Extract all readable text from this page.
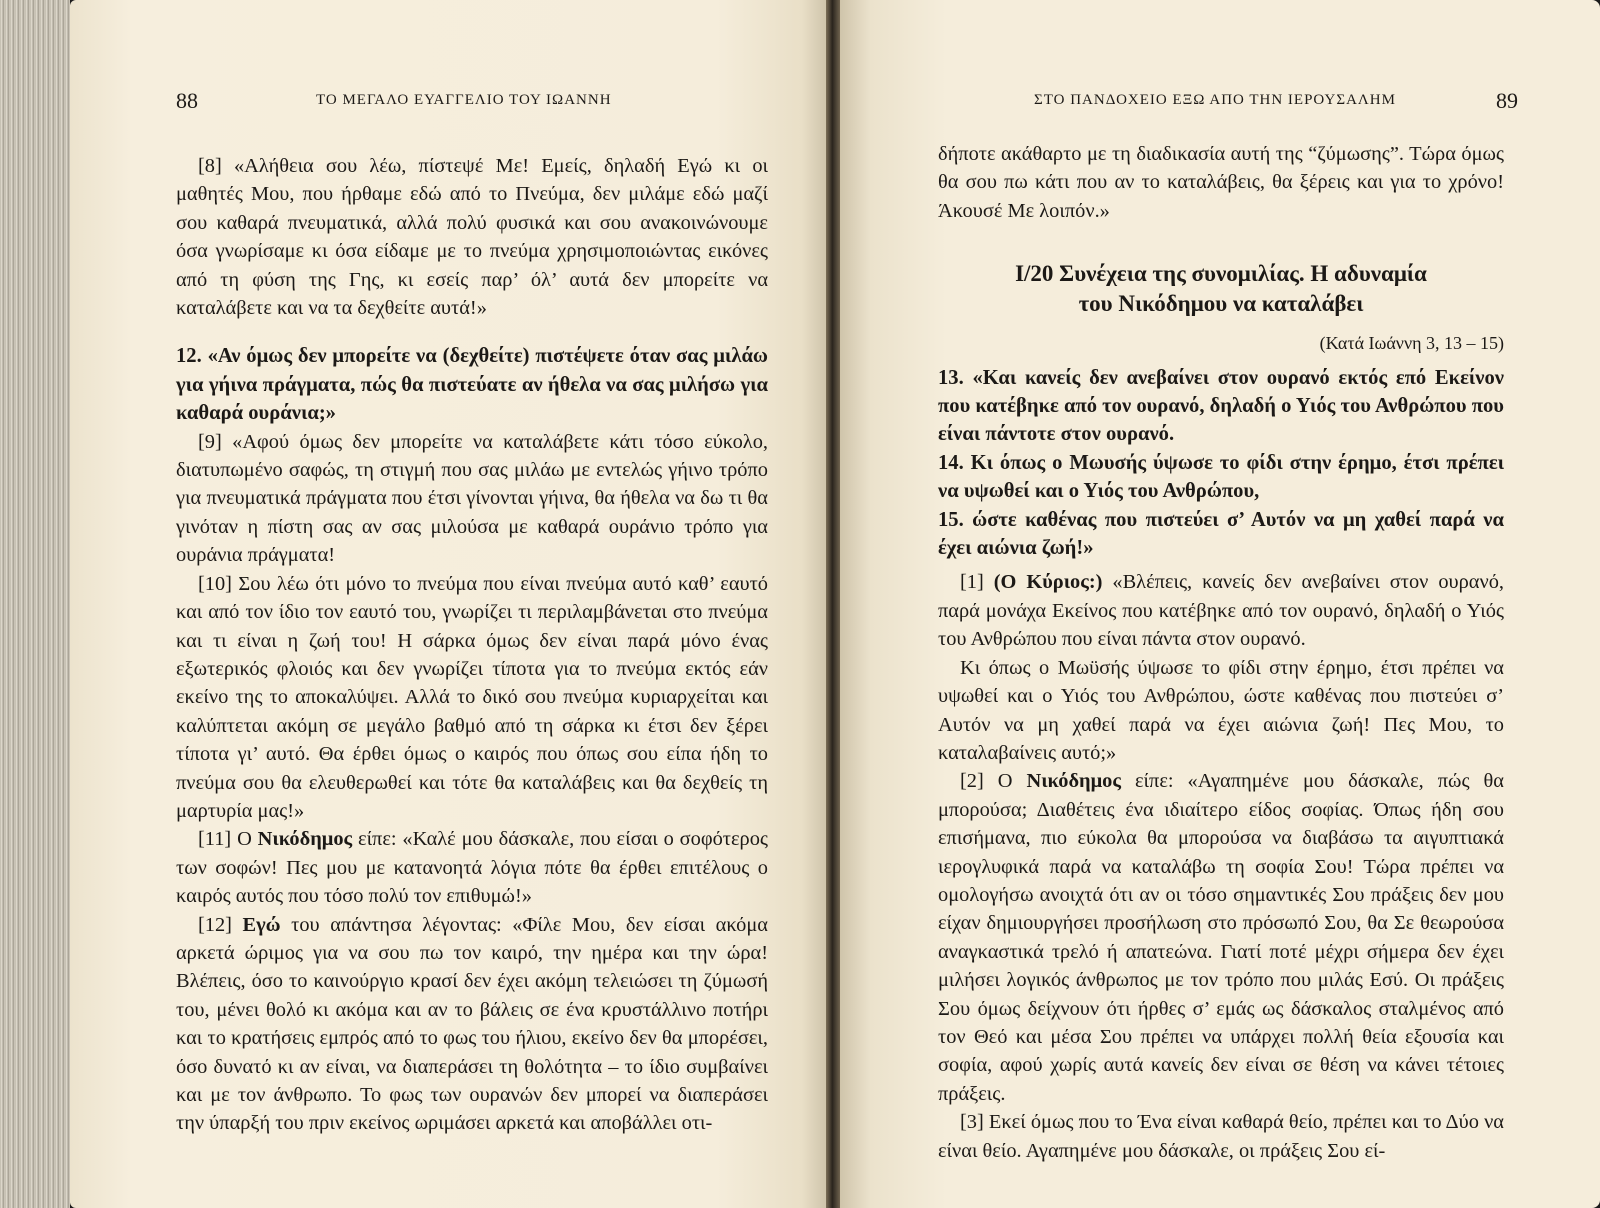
88	ΤΟ ΜΕΓΑΛΟ ΕΥΑΓΓΕΛΙΟ ΤΟΥ ΙΩΑΝΝΗ

[8] «Αλήθεια σου λέω, πίστεψέ Με! Εμείς, δηλαδή Εγώ κι οι μαθητές Μου, που ήρθαμε εδώ από το Πνεύμα, δεν μιλάμε εδώ μαζί σου καθαρά πνευματικά, αλλά πολύ φυσικά και σου ανακοινώνουμε όσα γνωρίσαμε κι όσα είδαμε με το πνεύμα χρησιμοποιώντας εικόνες από τη φύση της Γης, κι εσείς παρ’ όλ’ αυτά δεν μπορείτε να καταλάβετε και να τα δεχθείτε αυτά!»

12. «Αν όμως δεν μπορείτε να (δεχθείτε) πιστέψετε όταν σας μιλάω για γήινα πράγματα, πώς θα πιστεύατε αν ήθελα να σας μιλήσω για καθαρά ουράνια;»

[9] «Αφού όμως δεν μπορείτε να καταλάβετε κάτι τόσο εύκολο, διατυπωμένο σαφώς, τη στιγμή που σας μιλάω με εντελώς γήινο τρόπο για πνευματικά πράγματα που έτσι γίνονται γήινα, θα ήθελα να δω τι θα γινόταν η πίστη σας αν σας μιλούσα με καθαρά ουράνιο τρόπο για ουράνια πράγματα!

[10] Σου λέω ότι μόνο το πνεύμα που είναι πνεύμα αυτό καθ’ εαυτό και από τον ίδιο τον εαυτό του, γνωρίζει τι περιλαμβάνεται στο πνεύμα και τι είναι η ζωή του! Η σάρκα όμως δεν είναι παρά μόνο ένας εξωτερικός φλοιός και δεν γνωρίζει τίποτα για το πνεύμα εκτός εάν εκείνο της το αποκαλύψει. Αλλά το δικό σου πνεύμα κυριαρχείται και καλύπτεται ακόμη σε μεγάλο βαθμό από τη σάρκα κι έτσι δεν ξέρει τίποτα γι’ αυτό. Θα έρθει όμως ο καιρός που όπως σου είπα ήδη το πνεύμα σου θα ελευθερωθεί και τότε θα καταλάβεις και θα δεχθείς τη μαρτυρία μας!»

[11] Ο Νικόδημος είπε: «Καλέ μου δάσκαλε, που είσαι ο σοφότερος των σοφών! Πες μου με κατανοητά λόγια πότε θα έρθει επιτέλους ο καιρός αυτός που τόσο πολύ τον επιθυμώ!»

[12] Εγώ του απάντησα λέγοντας: «Φίλε Μου, δεν είσαι ακόμα αρκετά ώριμος για να σου πω τον καιρό, την ημέρα και την ώρα! Βλέπεις, όσο το καινούργιο κρασί δεν έχει ακόμη τελειώσει τη ζύμωσή του, μένει θολό κι ακόμα και αν το βάλεις σε ένα κρυστάλλινο ποτήρι και το κρατήσεις εμπρός από το φως του ήλιου, εκείνο δεν θα μπορέσει, όσο δυνατό κι αν είναι, να διαπεράσει τη θολότητα – το ίδιο συμβαίνει και με τον άνθρωπο. Το φως των ουρανών δεν μπορεί να διαπεράσει την ύπαρξή του πριν εκείνος ωριμάσει αρκετά και αποβάλλει οτι-

ΣΤΟ ΠΑΝΔΟΧΕΙΟ ΕΞΩ ΑΠΟ ΤΗΝ ΙΕΡΟΥΣΑΛΗΜ	89

δήποτε ακάθαρτο με τη διαδικασία αυτή της “ζύμωσης”. Τώρα όμως θα σου πω κάτι που αν το καταλάβεις, θα ξέρεις και για το χρόνο! Άκουσέ Με λοιπόν.»

Ι/20 Συνέχεια της συνομιλίας. Η αδυναμία
του Νικόδημου να καταλάβει
(Κατά Ιωάννη 3, 13 – 15)

13. «Και κανείς δεν ανεβαίνει στον ουρανό εκτός επό Εκείνον που κατέβηκε από τον ουρανό, δηλαδή ο Υιός του Ανθρώπου που είναι πάντοτε στον ουρανό.

14. Κι όπως ο Μωυσής ύψωσε το φίδι στην έρημο, έτσι πρέπει να υψωθεί και ο Υιός του Ανθρώπου,

15. ώστε καθένας που πιστεύει σ’ Αυτόν να μη χαθεί παρά να έχει αιώνια ζωή!»

[1] (Ο Κύριος:) «Βλέπεις, κανείς δεν ανεβαίνει στον ουρανό, παρά μονάχα Εκείνος που κατέβηκε από τον ουρανό, δηλαδή ο Υιός του Ανθρώπου που είναι πάντα στον ουρανό.

Κι όπως ο Μωϋσής ύψωσε το φίδι στην έρημο, έτσι πρέπει να υψωθεί και ο Υιός του Ανθρώπου, ώστε καθένας που πιστεύει σ’ Αυτόν να μη χαθεί παρά να έχει αιώνια ζωή! Πες Μου, το καταλαβαίνεις αυτό;»

[2] Ο Νικόδημος είπε: «Αγαπημένε μου δάσκαλε, πώς θα μπορούσα; Διαθέτεις ένα ιδιαίτερο είδος σοφίας. Όπως ήδη σου επισήμανα, πιο εύκολα θα μπορούσα να διαβάσω τα αιγυπτιακά ιερογλυφικά παρά να καταλάβω τη σοφία Σου! Τώρα πρέπει να ομολογήσω ανοιχτά ότι αν οι τόσο σημαντικές Σου πράξεις δεν μου είχαν δημιουργήσει προσήλωση στο πρόσωπό Σου, θα Σε θεωρούσα αναγκαστικά τρελό ή απατεώνα. Γιατί ποτέ μέχρι σήμερα δεν έχει μιλήσει λογικός άνθρωπος με τον τρόπο που μιλάς Εσύ. Οι πράξεις Σου όμως δείχνουν ότι ήρθες σ’ εμάς ως δάσκαλος σταλμένος από τον Θεό και μέσα Σου πρέπει να υπάρχει πολλή θεία εξουσία και σοφία, αφού χωρίς αυτά κανείς δεν είναι σε θέση να κάνει τέτοιες πράξεις.

[3] Εκεί όμως που το Ένα είναι καθαρά θείο, πρέπει και το Δύο να είναι θείο. Αγαπημένε μου δάσκαλε, οι πράξεις Σου εί-
